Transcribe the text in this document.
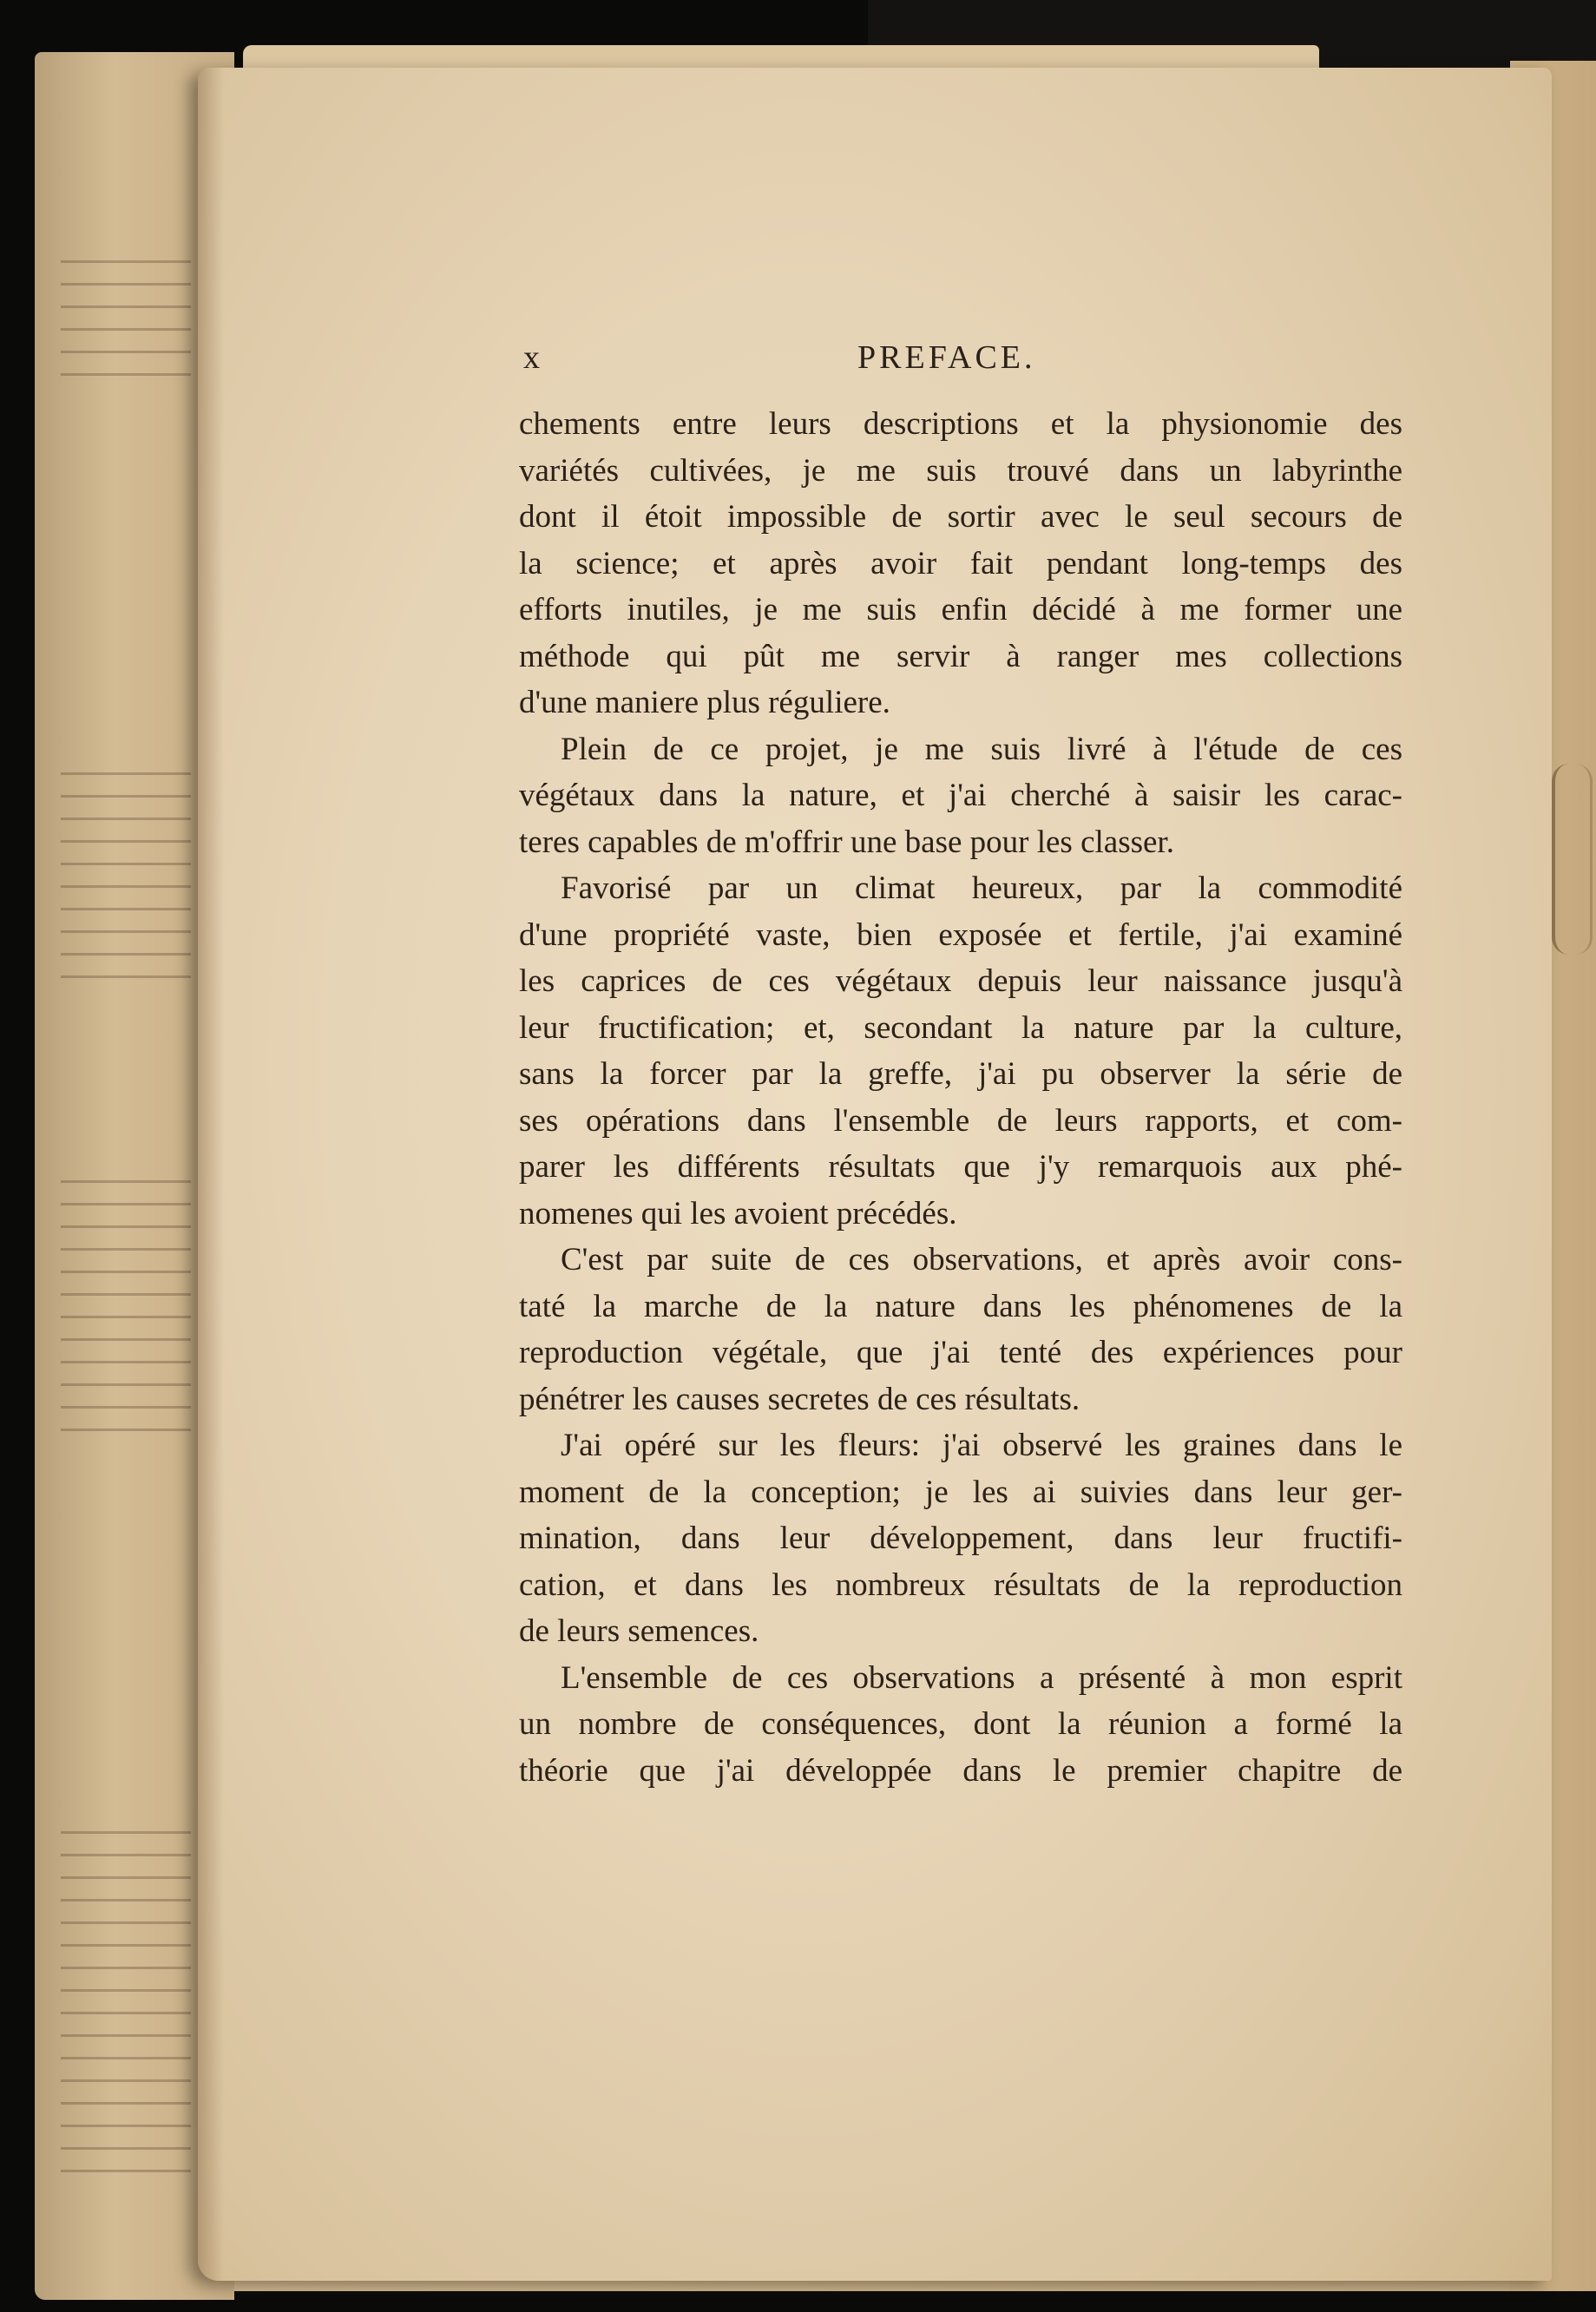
x	PREFACE.
chements entre leurs descriptions et la physionomie des
variétés cultivées, je me suis trouvé dans un labyrinthe
dont il étoit impossible de sortir avec le seul secours de
la science; et après avoir fait pendant long-temps des
efforts inutiles, je me suis enfin décidé à me former une
méthode qui pût me servir à ranger mes collections
d'une maniere plus réguliere.
Plein de ce projet, je me suis livré à l'étude de ces
végétaux dans la nature, et j'ai cherché à saisir les carac-
teres capables de m'offrir une base pour les classer.
Favorisé par un climat heureux, par la commodité
d'une propriété vaste, bien exposée et fertile, j'ai examiné
les caprices de ces végétaux depuis leur naissance jusqu'à
leur fructification; et, secondant la nature par la culture,
sans la forcer par la greffe, j'ai pu observer la série de
ses opérations dans l'ensemble de leurs rapports, et com-
parer les différents résultats que j'y remarquois aux phé-
nomenes qui les avoient précédés.
C'est par suite de ces observations, et après avoir cons-
taté la marche de la nature dans les phénomenes de la
reproduction végétale, que j'ai tenté des expériences pour
pénétrer les causes secretes de ces résultats.
J'ai opéré sur les fleurs: j'ai observé les graines dans le
moment de la conception; je les ai suivies dans leur ger-
mination, dans leur développement, dans leur fructifi-
cation, et dans les nombreux résultats de la reproduction
de leurs semences.
L'ensemble de ces observations a présenté à mon esprit
un nombre de conséquences, dont la réunion a formé la
théorie que j'ai développée dans le premier chapitre de
